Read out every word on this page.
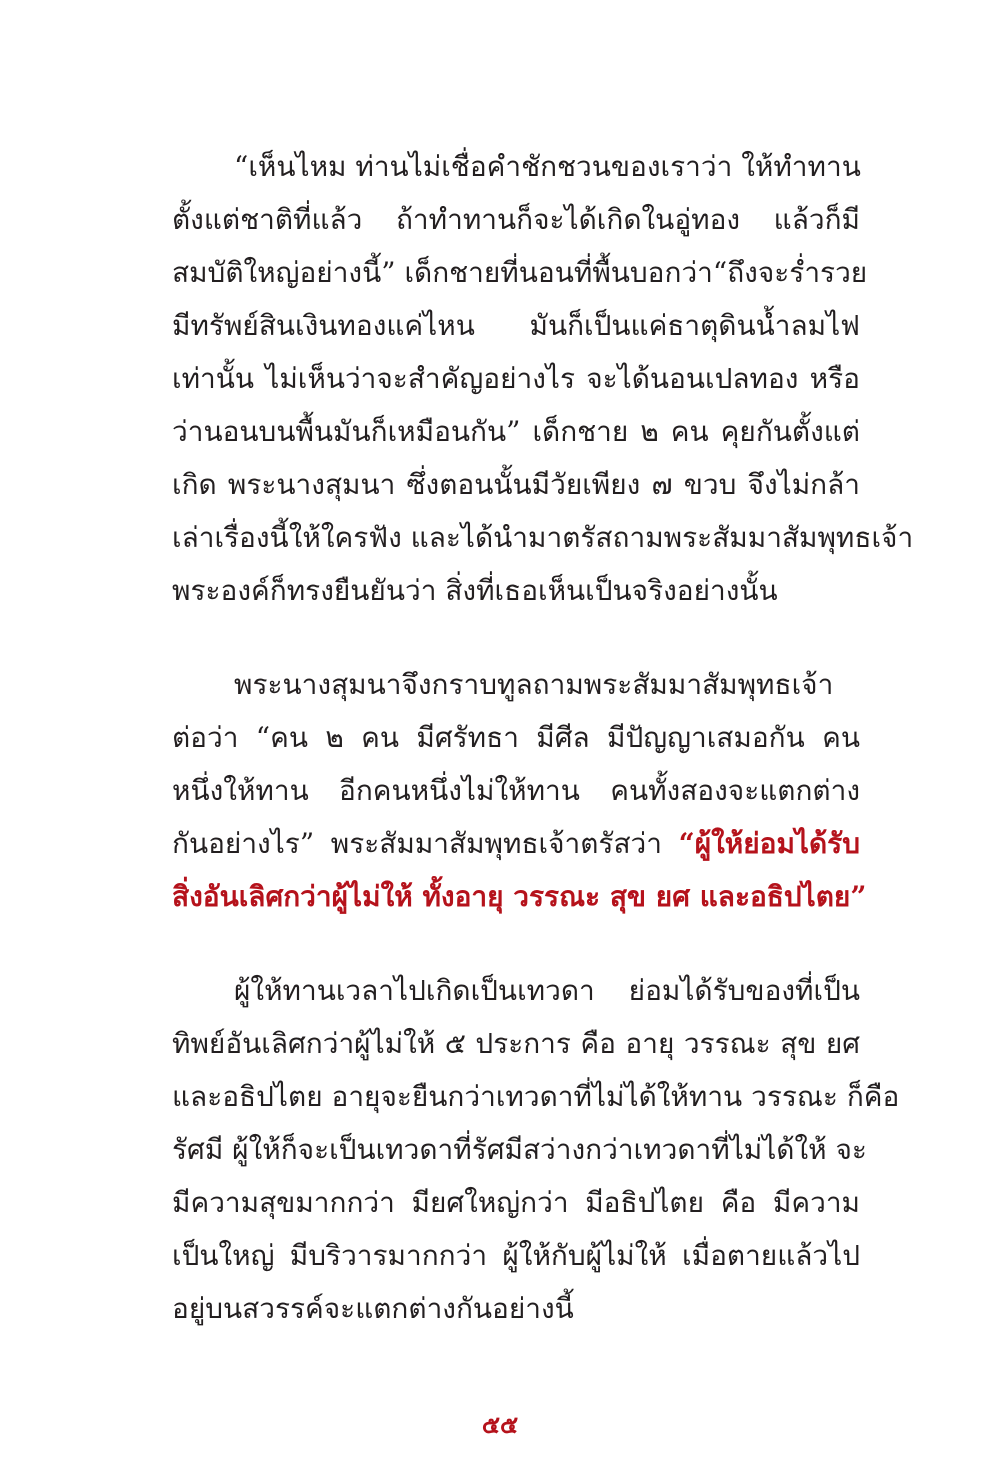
“เห็นไหม ท่านไม่เชื่อคำชักชวนของเราว่า ให้ทำทาน
ตั้งแต่ชาติที่แล้ว ถ้าทำทานก็จะได้เกิดในอู่ทอง แล้วก็มี
สมบัติใหญ่อย่างนี้” เด็กชายที่นอนที่พื้นบอกว่า“ถึงจะร่ำรวย
มีทรัพย์สินเงินทองแค่ไหน มันก็เป็นแค่ธาตุดินน้ำลมไฟ
เท่านั้น ไม่เห็นว่าจะสำคัญอย่างไร จะได้นอนเปลทอง หรือ
ว่านอนบนพื้นมันก็เหมือนกัน” เด็กชาย ๒ คน คุยกันตั้งแต่
เกิด พระนางสุมนา ซึ่งตอนนั้นมีวัยเพียง ๗ ขวบ จึงไม่กล้า
เล่าเรื่องนี้ให้ใครฟัง และได้นำมาตรัสถามพระสัมมาสัมพุทธเจ้า
พระองค์ก็ทรงยืนยันว่า สิ่งที่เธอเห็นเป็นจริงอย่างนั้น
พระนางสุมนาจึงกราบทูลถามพระสัมมาสัมพุทธเจ้า
ต่อว่า “คน ๒ คน มีศรัทธา มีศีล มีปัญญาเสมอกัน คน
หนึ่งให้ทาน อีกคนหนึ่งไม่ให้ทาน คนทั้งสองจะแตกต่าง
กันอย่างไร” พระสัมมาสัมพุทธเจ้าตรัสว่า “ผู้ให้ย่อมได้รับ
สิ่งอันเลิศกว่าผู้ไม่ให้ ทั้งอายุ วรรณะ สุข ยศ และอธิปไตย”
ผู้ให้ทานเวลาไปเกิดเป็นเทวดา ย่อมได้รับของที่เป็น
ทิพย์อันเลิศกว่าผู้ไม่ให้ ๕ ประการ คือ อายุ วรรณะ สุข ยศ
และอธิปไตย อายุจะยืนกว่าเทวดาที่ไม่ได้ให้ทาน วรรณะ ก็คือ
รัศมี ผู้ให้ก็จะเป็นเทวดาที่รัศมีสว่างกว่าเทวดาที่ไม่ได้ให้ จะ
มีความสุขมากกว่า มียศใหญ่กว่า มีอธิปไตย คือ มีความ
เป็นใหญ่ มีบริวารมากกว่า ผู้ให้กับผู้ไม่ให้ เมื่อตายแล้วไป
อยู่บนสวรรค์จะแตกต่างกันอย่างนี้
๕๕
